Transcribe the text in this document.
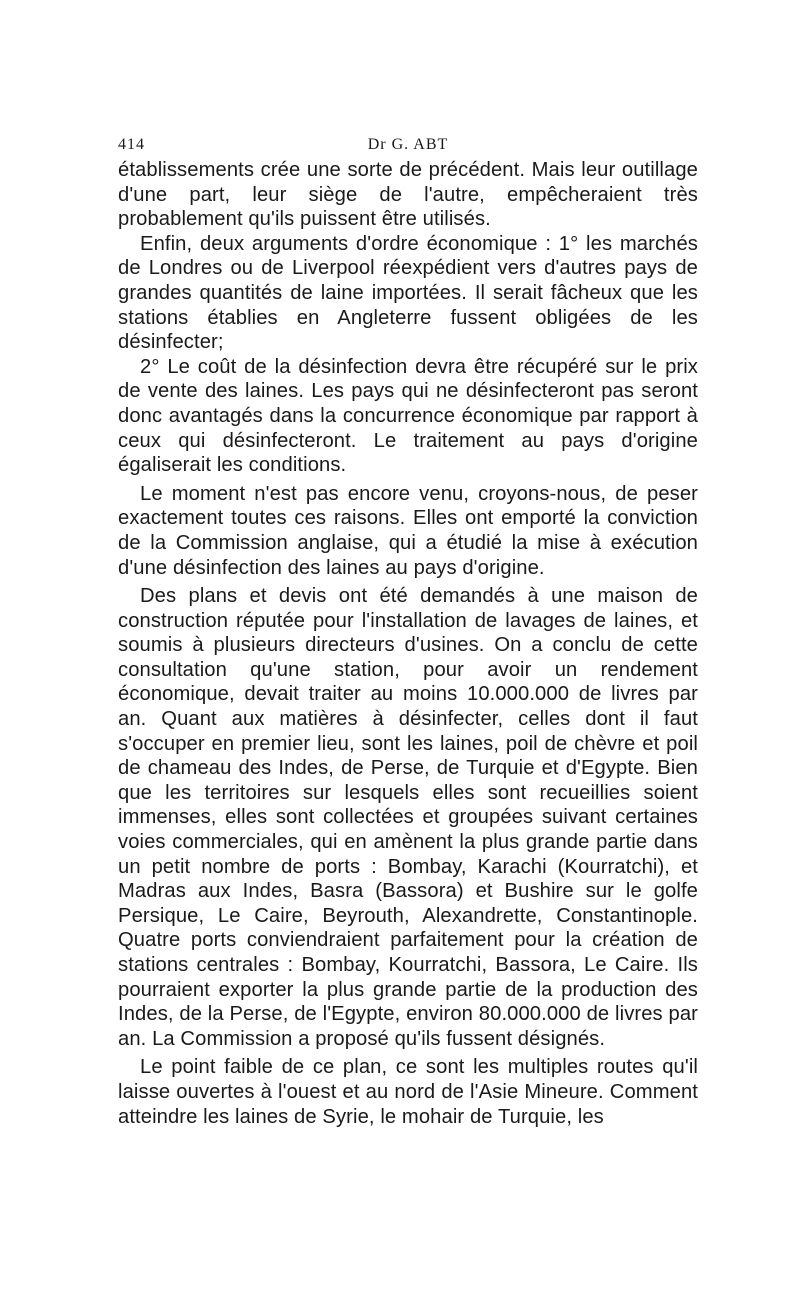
414	Dr G. ABT

établissements crée une sorte de précédent. Mais leur outillage d'une part, leur siège de l'autre, empêcheraient très probablement qu'ils puissent être utilisés.

Enfin, deux arguments d'ordre économique : 1° les marchés de Londres ou de Liverpool réexpédient vers d'autres pays de grandes quantités de laine importées. Il serait fâcheux que les stations établies en Angleterre fussent obligées de les désinfecter;

2° Le coût de la désinfection devra être récupéré sur le prix de vente des laines. Les pays qui ne désinfecteront pas seront donc avantagés dans la concurrence économique par rapport à ceux qui désinfecteront. Le traitement au pays d'origine égaliserait les conditions.

Le moment n'est pas encore venu, croyons-nous, de peser exactement toutes ces raisons. Elles ont emporté la conviction de la Commission anglaise, qui a étudié la mise à exécution d'une désinfection des laines au pays d'origine.

Des plans et devis ont été demandés à une maison de construction réputée pour l'installation de lavages de laines, et soumis à plusieurs directeurs d'usines. On a conclu de cette consultation qu'une station, pour avoir un rendement économique, devait traiter au moins 10.000.000 de livres par an. Quant aux matières à désinfecter, celles dont il faut s'occuper en premier lieu, sont les laines, poil de chèvre et poil de chameau des Indes, de Perse, de Turquie et d'Egypte. Bien que les territoires sur lesquels elles sont recueillies soient immenses, elles sont collectées et groupées suivant certaines voies commerciales, qui en amènent la plus grande partie dans un petit nombre de ports : Bombay, Karachi (Kourratchi), et Madras aux Indes, Basra (Bassora) et Bushire sur le golfe Persique, Le Caire, Beyrouth, Alexandrette, Constantinople. Quatre ports conviendraient parfaitement pour la création de stations centrales : Bombay, Kourratchi, Bassora, Le Caire. Ils pourraient exporter la plus grande partie de la production des Indes, de la Perse, de l'Egypte, environ 80.000.000 de livres par an. La Commission a proposé qu'ils fussent désignés.

Le point faible de ce plan, ce sont les multiples routes qu'il laisse ouvertes à l'ouest et au nord de l'Asie Mineure. Comment atteindre les laines de Syrie, le mohair de Turquie, les
